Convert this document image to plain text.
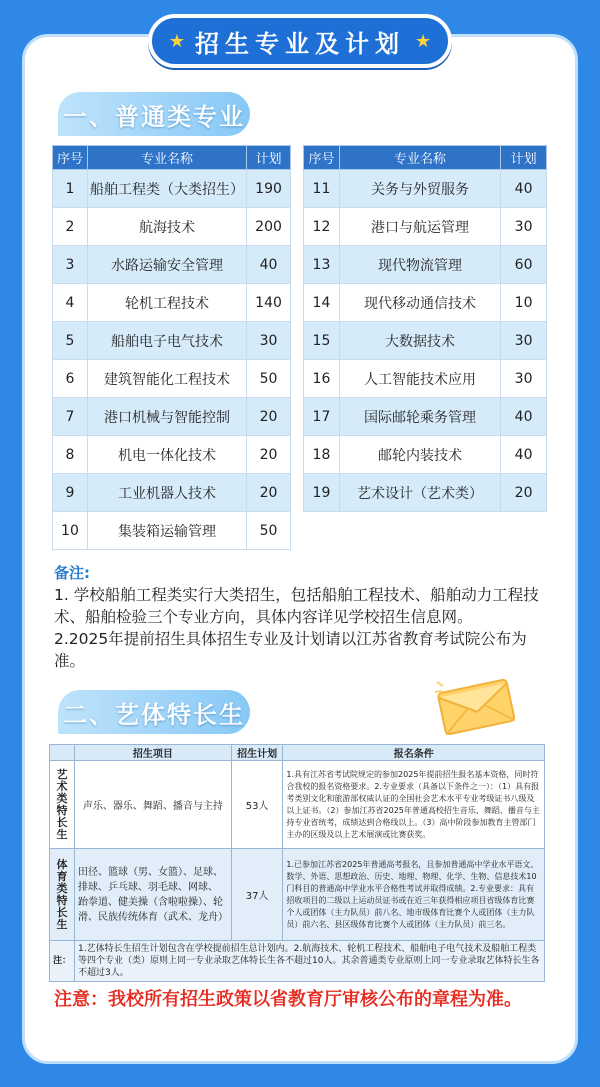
★ 招生专业及计划 ★
一、普通类专业
序号	专业名称	计划
1	船舶工程类（大类招生）	190
2	航海技术	200
3	水路运输安全管理	40
4	轮机工程技术	140
5	船舶电子电气技术	30
6	建筑智能化工程技术	50
7	港口机械与智能控制	20
8	机电一体化技术	20
9	工业机器人技术	20
10	集装箱运输管理	50
序号	专业名称	计划
11	关务与外贸服务	40
12	港口与航运管理	30
13	现代物流管理	60
14	现代移动通信技术	10
15	大数据技术	30
16	人工智能技术应用	30
17	国际邮轮乘务管理	40
18	邮轮内装技术	40
19	艺术设计（艺术类）	20
备注:
1. 学校船舶工程类实行大类招生，包括船舶工程技术、船舶动力工程技术、船舶检验三个专业方向，具体内容详见学校招生信息网。
2.2025年提前招生具体招生专业及计划请以江苏省教育考试院公布为准。
二、艺体特长生
	招生项目	招生计划	报名条件
艺术类特长生	声乐、器乐、舞蹈、播音与主持	53人	1.具有江苏省考试院规定的参加2025年提前招生报名基本资格，同时符合我校的报名资格要求。2.专业要求（具备以下条件之一）：（1）具有报考类别文化和旅游部权威认证的全国社会艺术水平专业考级证书八级及以上证书。（2）参加江苏省2025年普通高校招生音乐、舞蹈、播音与主持专业省统考，成绩达到合格线以上。（3）高中阶段参加教育主管部门主办的区级及以上艺术展演或比赛获奖。
体育类特长生	田径、篮球（男、女篮）、足球、排球、乒乓球、羽毛球、网球、跆拳道、健美操（含啦啦操）、轮滑、民族传统体育（武术、龙舟）	37人	1.已参加江苏省2025年普通高考报名，且参加普通高中学业水平语文、数学、外语、思想政治、历史、地理、物理、化学、生物、信息技术10门科目的普通高中学业水平合格性考试并取得成绩。2.专业要求：具有招收项目的二级以上运动员证书或在近三年获得相应项目省级体育比赛个人或团体（主力队员）前八名、地市级体育比赛个人或团体（主力队员）前六名、县区级体育比赛个人或团体（主力队员）前三名。
注：	1.艺体特长生招生计划包含在学校提前招生总计划内。2.航海技术、轮机工程技术、船舶电子电气技术及船舶工程类等四个专业（类）原则上同一专业录取艺体特长生各不超过10人。其余普通类专业原则上同一专业录取艺体特长生各不超过3人。		
注意：我校所有招生政策以省教育厅审核公布的章程为准。
